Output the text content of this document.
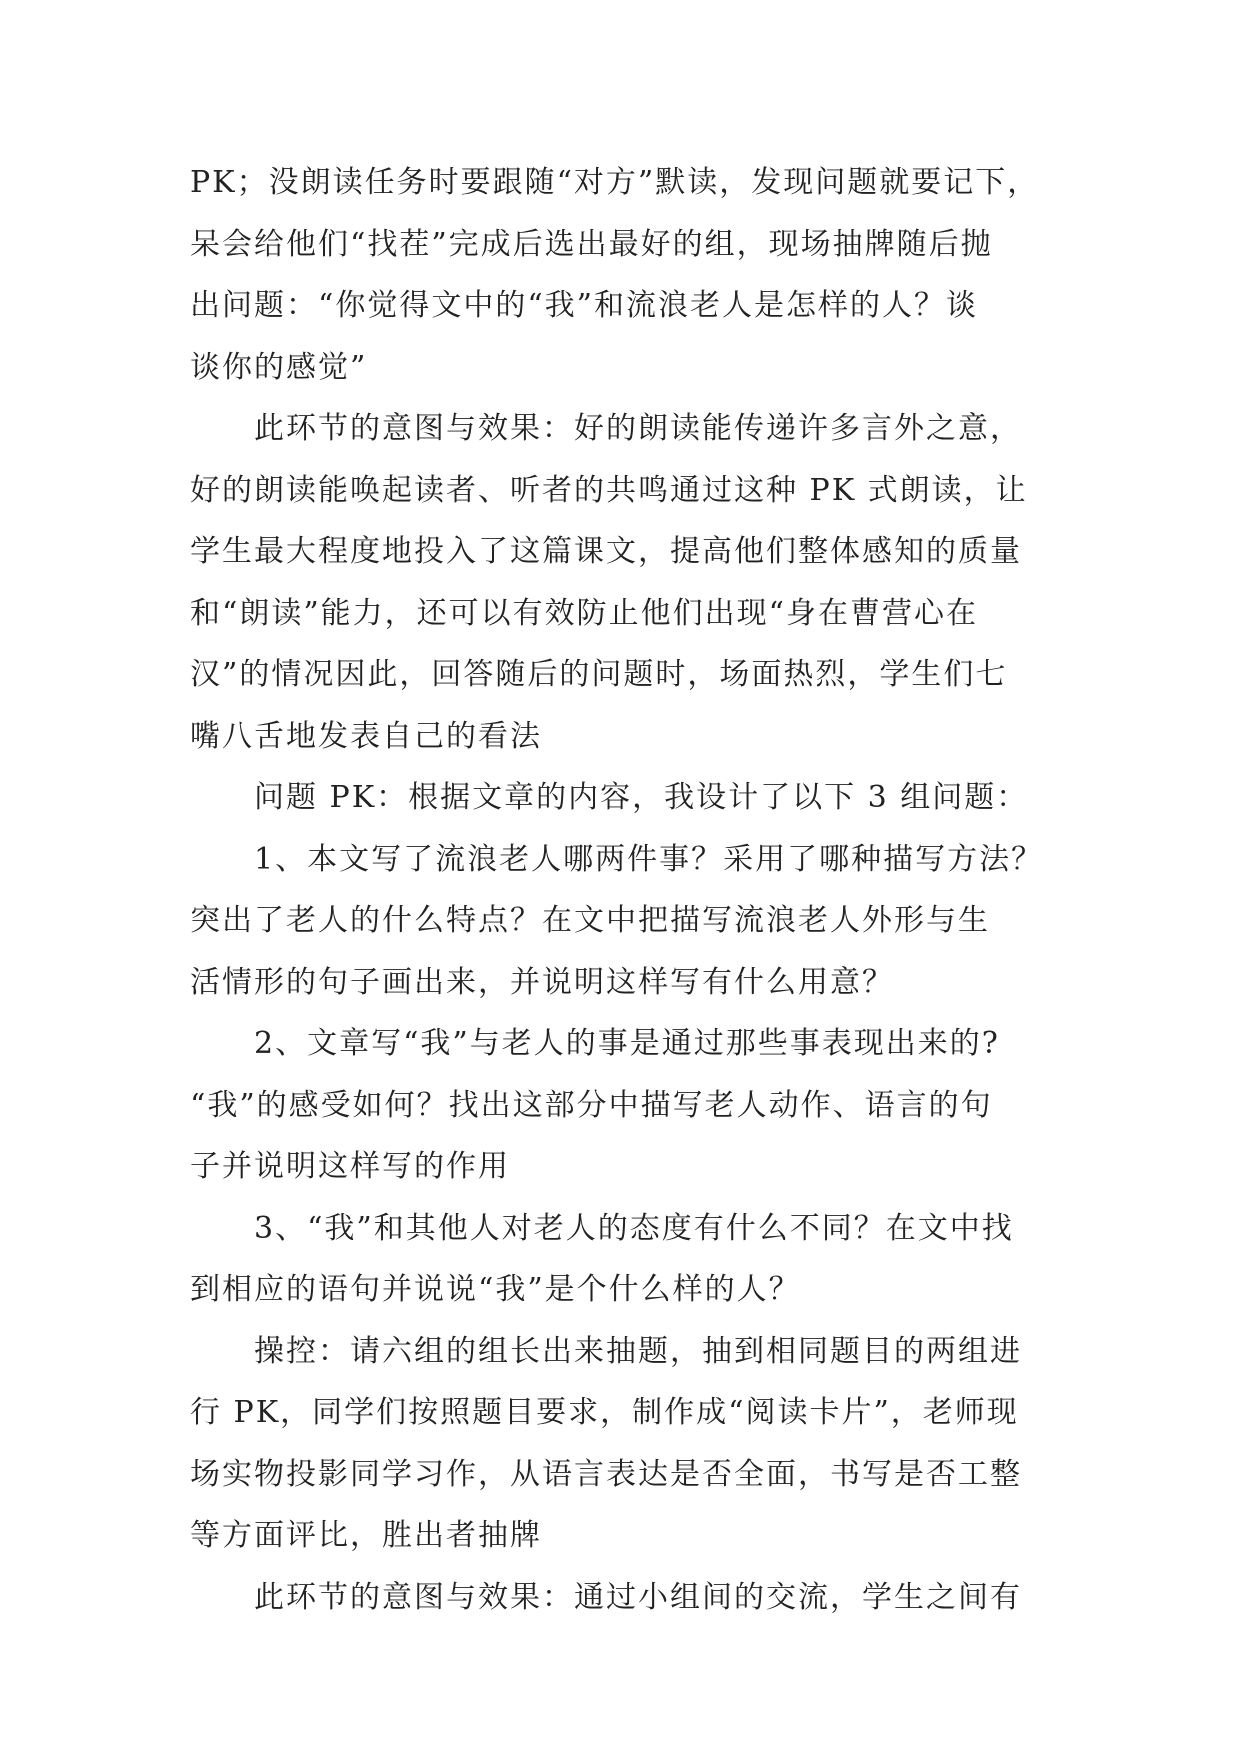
PK；没朗读任务时要跟随“对方”默读，发现问题就要记下，
呆会给他们“找茬”完成后选出最好的组，现场抽牌随后抛
出问题：“你觉得文中的“我”和流浪老人是怎样的人？谈
谈你的感觉”
此环节的意图与效果：好的朗读能传递许多言外之意，
好的朗读能唤起读者、听者的共鸣通过这种 PK 式朗读，让
学生最大程度地投入了这篇课文，提高他们整体感知的质量
和“朗读”能力，还可以有效防止他们出现“身在曹营心在
汉”的情况因此，回答随后的问题时，场面热烈，学生们七
嘴八舌地发表自己的看法
问题 PK：根据文章的内容，我设计了以下 3 组问题：
1、本文写了流浪老人哪两件事？采用了哪种描写方法？
突出了老人的什么特点？在文中把描写流浪老人外形与生
活情形的句子画出来，并说明这样写有什么用意？
2、文章写“我”与老人的事是通过那些事表现出来的?
“我”的感受如何？找出这部分中描写老人动作、语言的句
子并说明这样写的作用
3、“我”和其他人对老人的态度有什么不同？在文中找
到相应的语句并说说“我”是个什么样的人？
操控：请六组的组长出来抽题，抽到相同题目的两组进
行 PK，同学们按照题目要求，制作成“阅读卡片”，老师现
场实物投影同学习作，从语言表达是否全面，书写是否工整
等方面评比，胜出者抽牌
此环节的意图与效果：通过小组间的交流，学生之间有
